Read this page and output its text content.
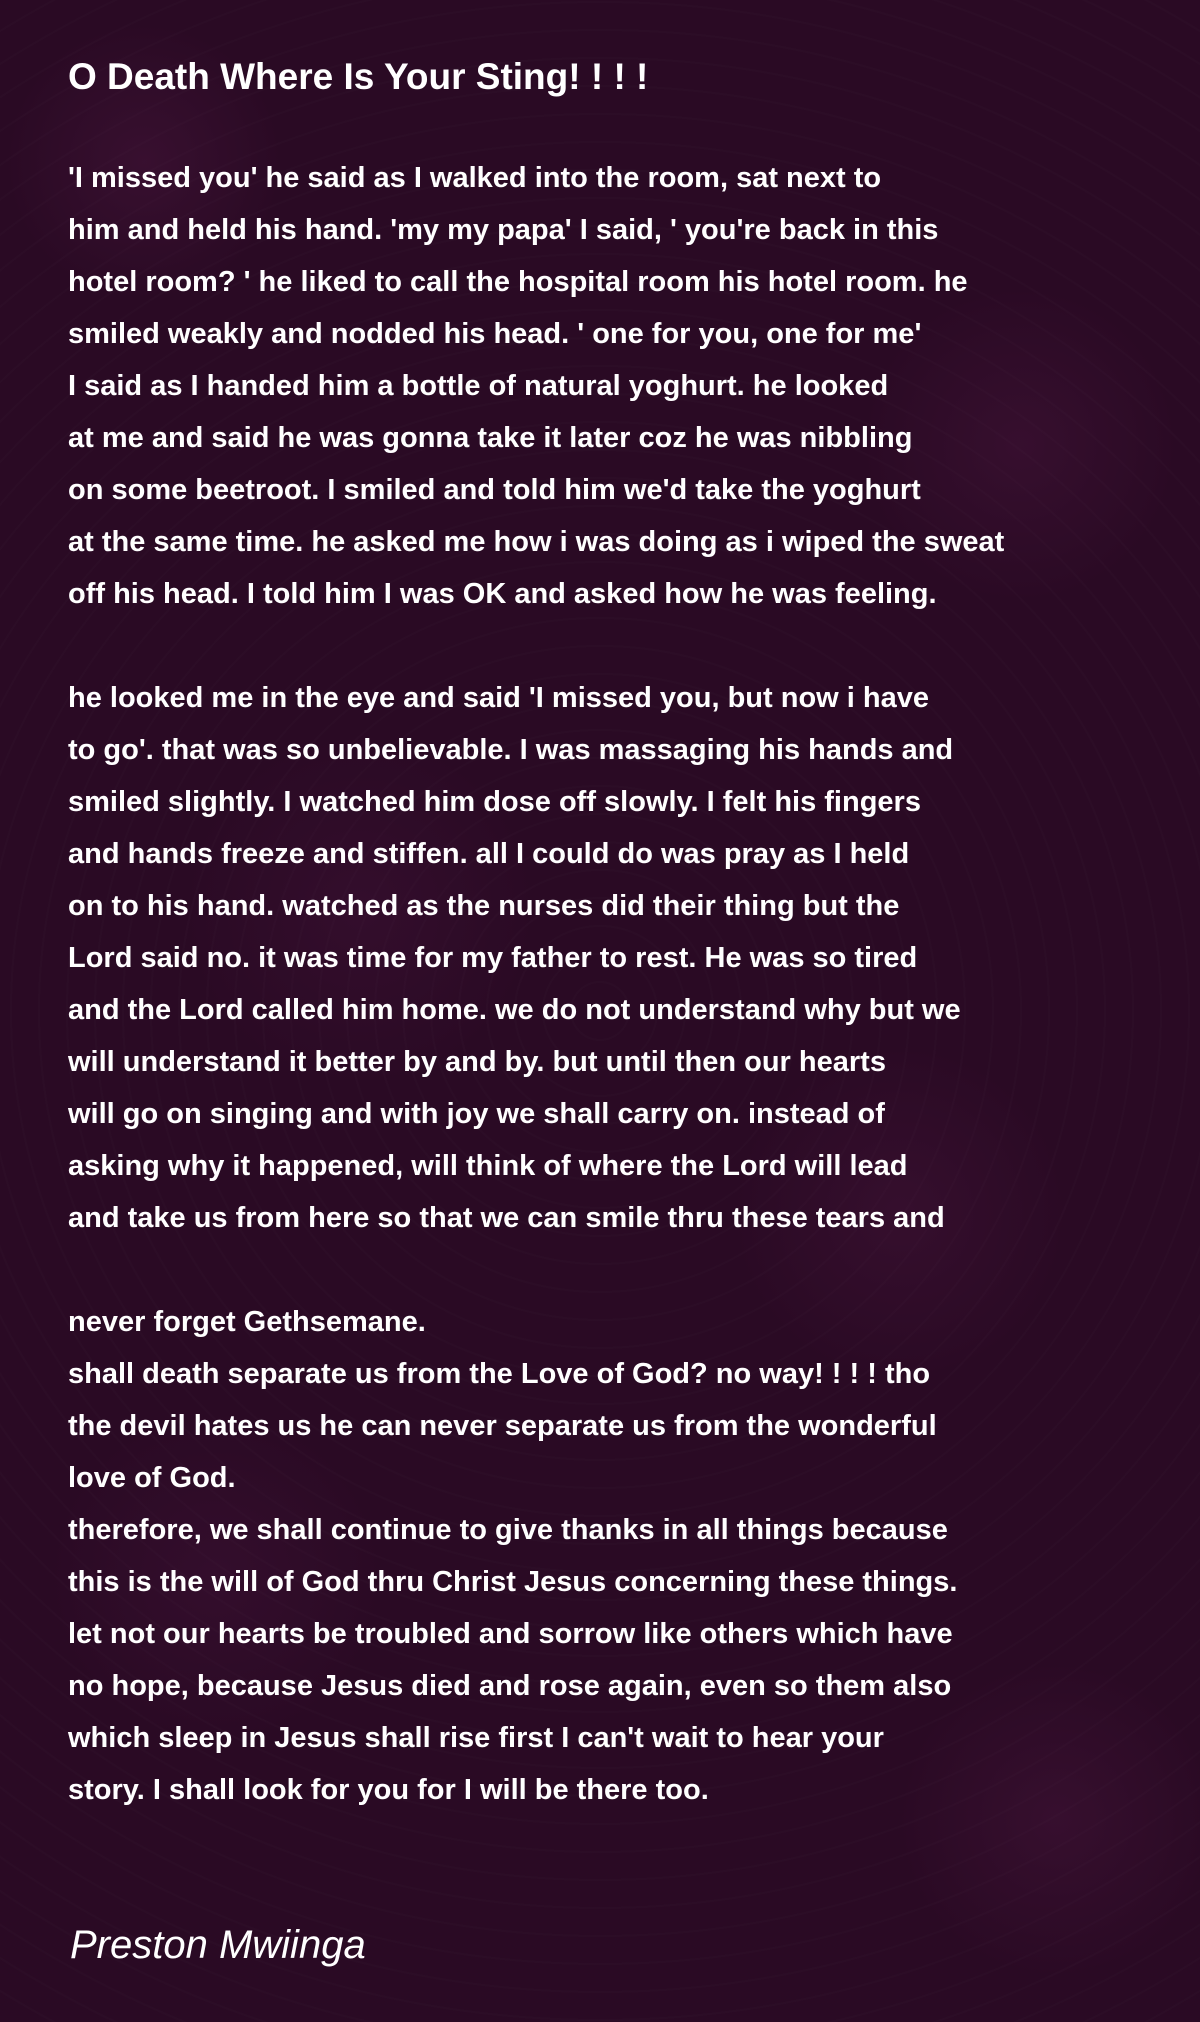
O Death Where Is Your Sting! ! ! !
'I missed you' he said as I walked into the room, sat next to
him and held his hand. 'my my papa' I said, ' you're back in this
hotel room? ' he liked to call the hospital room his hotel room. he
smiled weakly and nodded his head. ' one for you, one for me'
I said as I handed him a bottle of natural yoghurt. he looked
at me and said he was gonna take it later coz he was nibbling
on some beetroot. I smiled and told him we'd take the yoghurt
at the same time. he asked me how i was doing as i wiped the sweat
off his head. I told him I was OK and asked how he was feeling.
he looked me in the eye and said 'I missed you, but now i have
to go'. that was so unbelievable. I was massaging his hands and
smiled slightly. I watched him dose off slowly. I felt his fingers
and hands freeze and stiffen. all I could do was pray as I held
on to his hand. watched as the nurses did their thing but the
Lord said no. it was time for my father to rest. He was so tired
and the Lord called him home. we do not understand why but we
will understand it better by and by. but until then our hearts
will go on singing and with joy we shall carry on. instead of
asking why it happened, will think of where the Lord will lead
and take us from here so that we can smile thru these tears and
never forget Gethsemane.
shall death separate us from the Love of God? no way! ! ! ! tho
the devil hates us he can never separate us from the wonderful
love of God.
therefore, we shall continue to give thanks in all things because
this is the will of God thru Christ Jesus concerning these things.
let not our hearts be troubled and sorrow like others which have
no hope, because Jesus died and rose again, even so them also
which sleep in Jesus shall rise first I can't wait to hear your
story. I shall look for you for I will be there too.

Preston Mwiinga
